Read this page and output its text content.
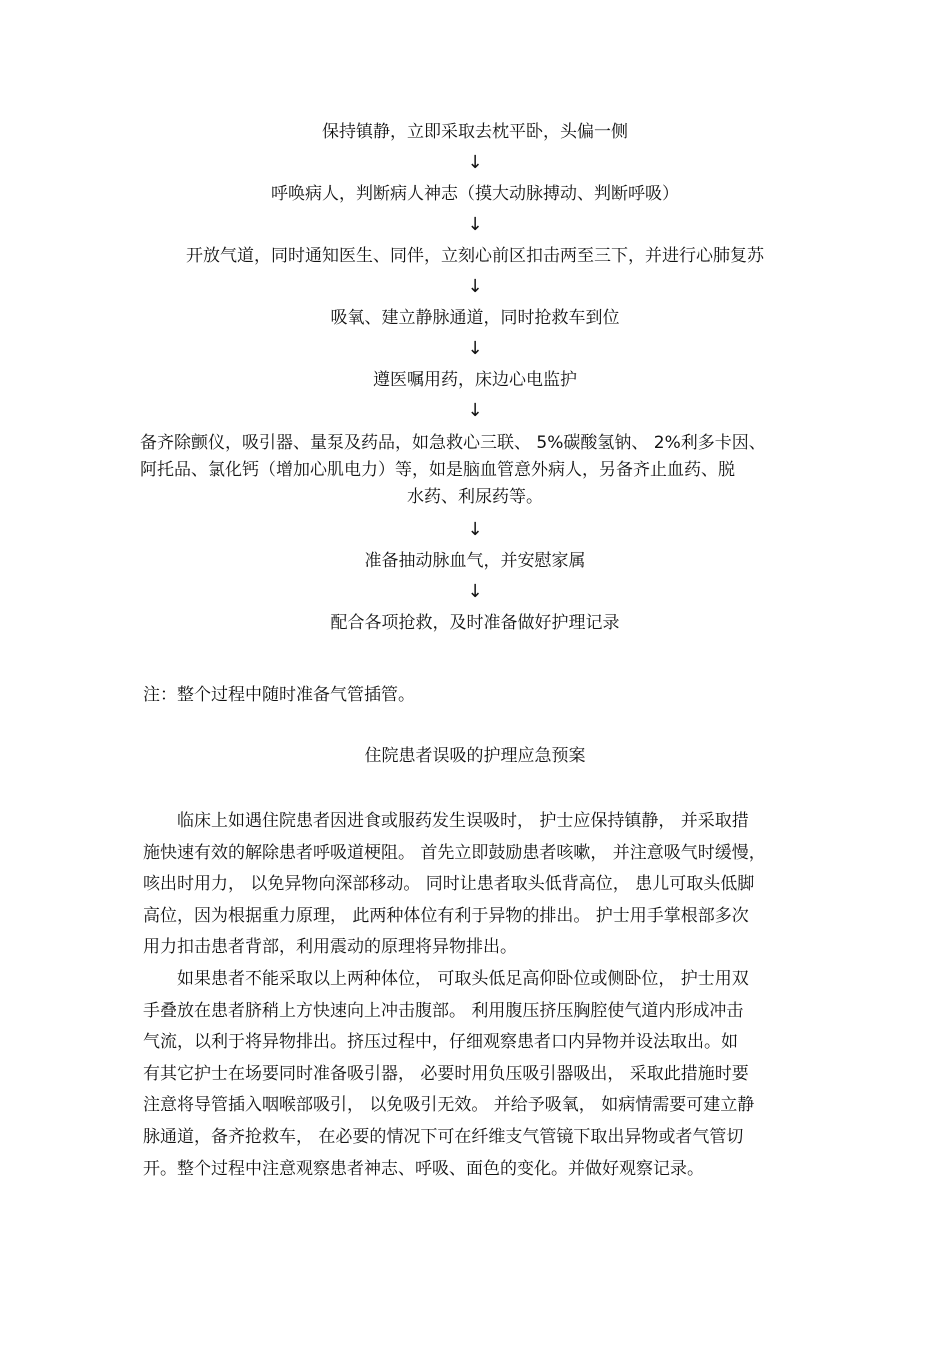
保持镇静，立即采取去枕平卧，头偏一侧

↓

呼唤病人，判断病人神志（摸大动脉搏动、判断呼吸）

↓

开放气道，同时通知医生、同伴，立刻心前区扣击两至三下，并进行心肺复苏

↓

吸氧、建立静脉通道，同时抢救车到位

↓

遵医嘱用药，床边心电监护

↓

备齐除颤仪，吸引器、量泵及药品，如急救心三联、 5%碳酸氢钠、 2%利多卡因、
阿托品、氯化钙（增加心肌电力）等，如是脑血管意外病人，另备齐止血药、脱
水药、利尿药等。

↓

准备抽动脉血气，并安慰家属

↓

配合各项抢救，及时准备做好护理记录

注：整个过程中随时准备气管插管。

住院患者误吸的护理应急预案

　　临床上如遇住院患者因进食或服药发生误吸时， 护士应保持镇静， 并采取措
施快速有效的解除患者呼吸道梗阻。 首先立即鼓励患者咳嗽， 并注意吸气时缓慢，
咳出时用力， 以免异物向深部移动。 同时让患者取头低背高位， 患儿可取头低脚
高位，因为根据重力原理， 此两种体位有利于异物的排出。 护士用手掌根部多次
用力扣击患者背部，利用震动的原理将异物排出。
　　如果患者不能采取以上两种体位， 可取头低足高仰卧位或侧卧位， 护士用双
手叠放在患者脐稍上方快速向上冲击腹部。 利用腹压挤压胸腔使气道内形成冲击
气流，以利于将异物排出。挤压过程中，仔细观察患者口内异物并设法取出。如
有其它护士在场要同时准备吸引器， 必要时用负压吸引器吸出， 采取此措施时要
注意将导管插入咽喉部吸引， 以免吸引无效。 并给予吸氧， 如病情需要可建立静
脉通道，备齐抢救车， 在必要的情况下可在纤维支气管镜下取出异物或者气管切
开。整个过程中注意观察患者神志、呼吸、面色的变化。并做好观察记录。
